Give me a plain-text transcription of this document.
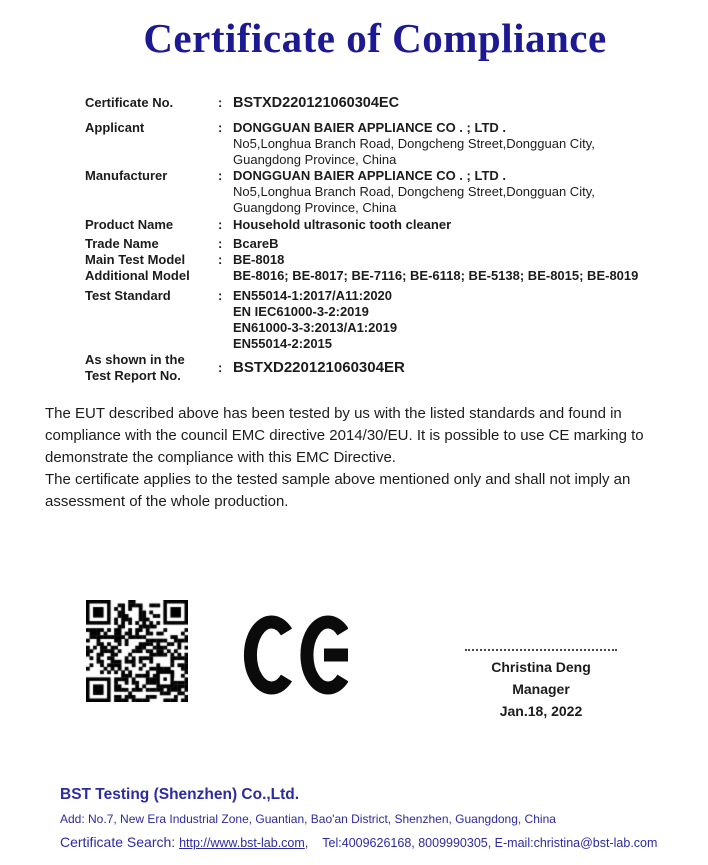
Certificate of Compliance
Certificate No.	: BSTXD220121060304EC
Applicant	: DONGGUAN BAIER APPLIANCE CO . ; LTD .
No5,Longhua Branch Road, Dongcheng Street,Dongguan City,
Guangdong Province, China
Manufacturer	: DONGGUAN BAIER APPLIANCE CO . ; LTD .
No5,Longhua Branch Road, Dongcheng Street,Dongguan City,
Guangdong Province, China
Product Name	: Household ultrasonic tooth cleaner
Trade Name	: BcareB
Main Test Model	: BE-8018
Additional Model	BE-8016; BE-8017; BE-7116; BE-6118; BE-5138; BE-8015; BE-8019
Test Standard	: EN55014-1:2017/A11:2020
EN IEC61000-3-2:2019
EN61000-3-3:2013/A1:2019
EN55014-2:2015
As shown in the
Test Report No.
: BSTXD220121060304ER

The EUT described above has been tested by us with the listed standards and found in compliance with the council EMC directive 2014/30/EU. It is possible to use CE marking to demonstrate the compliance with this EMC Directive.

The certificate applies to the tested sample above mentioned only and shall not imply an assessment of the whole production.

Christina Deng
Manager
Jan.18, 2022
BST Testing (Shenzhen) Co.,Ltd.
Add: No.7, New Era Industrial Zone, Guantian, Bao'an District, Shenzhen, Guangdong, China
Certificate Search: http://www.bst-lab.com, Tel:4009626168, 8009990305, E-mail:christina@bst-lab.com
